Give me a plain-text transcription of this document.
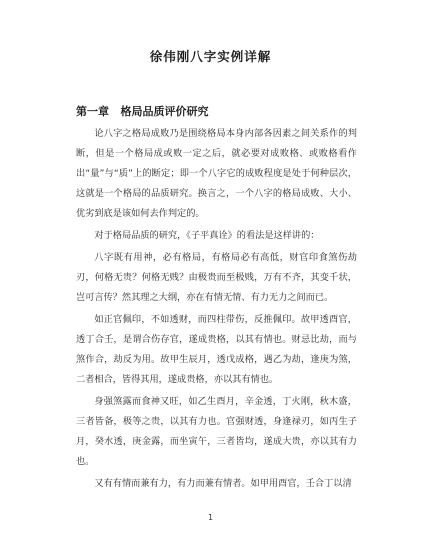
徐伟刚八字实例详解
第一章   格局品质评价研究

论八字之格局成败乃是围绕格局本身内部各因素之间关系作的判断，但是一个格局成或败一定之后，就必要对成败格、或败格看作出“量”与“质”上的断定；即一个八字它的成败程度是处于何种层次，这就是一个格局的品质研究。换言之，一个八字的格局成败、大小、优劣到底是该如何去作判定的。

对于格局品质的研究，《子平真诠》的看法是这样讲的：

八字既有用神，必有格局，有格局必有高低，财官印食煞伤劫刃，何格无贵？何格无贱？由极贵而至极贱，万有不齐，其变千状，岂可言传？然其理之大纲，亦在有情无情、有力无力之间而已。

如正官佩印，不如透财，而四柱带伤，反推佩印。故甲透酉官，透丁合壬，是谓合伤存官，遂成贵格，以其有情也。财忌比劫，而与煞作合，劫反为用。故甲生辰月，透戊成格，遇乙为劫，逢庚为煞，二者相合，皆得其用，遂成贵格，亦以其有情也。

身强煞露而食神又旺，如乙生酉月，辛金透，丁火刚，秋木盛，三者皆备，极等之贵，以其有力也。官强财透，身逢禄刃，如丙生子月，癸水透，庚金露，而坐寅午，三者皆均，遂成大贵，亦以其有力也。

又有有情而兼有力，有力而兼有情者。如甲用酉官，壬合丁以清

1
